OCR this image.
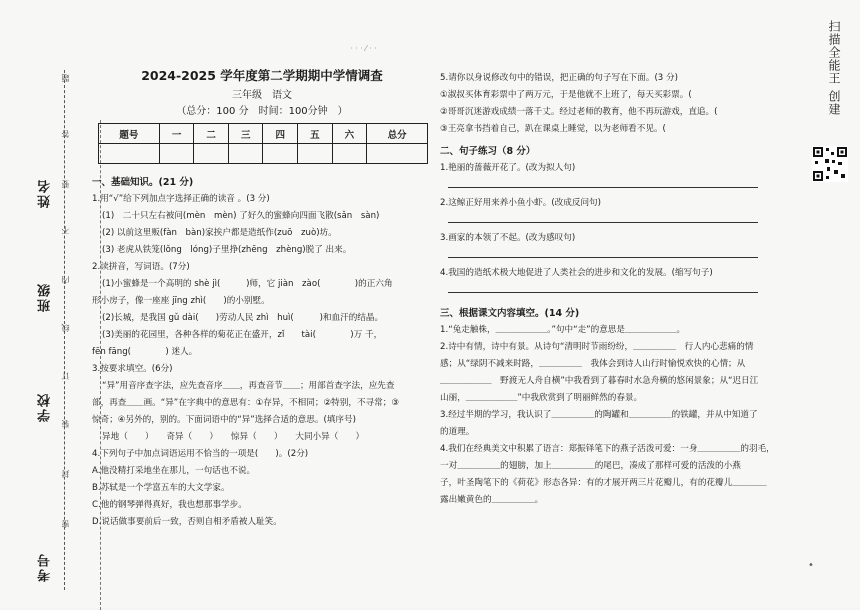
· · · ⁄ · ·
姓名
班级
学校
考号
题
答
要
不
内
线
订
装
封
密
2024-2025 学年度第二学期期中学情调查
三年级　语文
（总分：100 分　时间：100分钟　）
题号	一	二	三	四	五	六	总分

一、基础知识。(21 分)
1.用“√”给下列加点字选择正确的读音 。(3 分)
(1)　二十只左右被问(mèn　mèn) 了好久的蜜蜂向四面飞散(sǎn　sàn)
(2) 以前这里贩(fàn　bàn)家挨户都是造纸作(zuō　zuò)坊。
(3) 老虎从铁笼(lǒng　lóng)子里挣(zhēng　zhèng)脱了 出来。
2.读拼音，写词语。(7分)
(1)小蜜蜂是一个高明的 shè jì(　　　)师，它 jiàn　zào(　　　　)的正六角
形小房子，像一座座 jīng zhì(　　)的小别墅。
(2)长城，是我国 gǔ dài(　　)劳动人民 zhì　huì(　　　)和血汗的结晶。
(3)美丽的花园里，各种各样的菊花正在盛开，zǐ　　tài(　　　　)万 千，
fēn fāng(　　　　) 迷人。
3.按要求填空。(6分)
“异”用音序查字法，应先查音序＿＿，再查音节＿＿；用部首查字法，应先查
部，再查＿＿画。“异”在字典中的意思有：①存异，不相同；②特别，不寻常；③
惊奇；④另外的，别的。下面词语中的“异”选择合适的意思。(填序号)
异地（　　）　　奇异（　　）　　惊异（　　）　　大同小异（　　）
4.下列句子中加点词语运用不恰当的一项是(　　)。(2分)
A.他没精打采地坐在那儿，一句话也不说。
B.苏轼是一个学富五车的大文学家。
C.他的钢琴弹得真好，我也想那事学步。
D.说话做事要前后一致，否则自相矛盾被人耻笑。
5.请你以身说修改句中的错误，把正确的句子写在下面。(3 分)
①淑叔买体育彩票中了两万元，于是他就不上班了，每天买彩票。(
②哥哥沉迷游戏成绩一落千丈。经过老师的教育，他不再玩游戏，直追。(
③王亮拿书挡着自己，趴在课桌上睡觉，以为老师看不见。(
二、句子练习（8 分）
1.艳丽的蔷薇开花了。(改为拟人句)
2.这鲸正好用来养小鱼小虾。(改成反问句)
3.画家的本领了不起。(改为感叹句)
4.我国的造纸术极大地促进了人类社会的进步和文化的发展。(缩写句子)
三、根据课文内容填空。(14 分)
1.“兔走触株，＿＿＿＿＿＿。”句中“走”的意思是＿＿＿＿＿＿。
2.诗中有情，诗中有景。从诗句“清明时节雨纷纷，＿＿＿＿＿　行人内心悲痛的情
感；从“绿阴不减来时路，＿＿＿＿＿　我体会到诗人山行时愉悦欢快的心情；从
＿＿＿＿＿＿　野渡无人舟自横”中我看到了暮春时水急舟横的悠闲景象；从“迟日江
山丽，＿＿＿＿＿＿”中我欣赏到了明丽鲜然的春景。
3.经过半期的学习，我认识了＿＿＿＿＿的陶罐和＿＿＿＿＿的铁罐，并从中知道了
的道理。
4.我们在经典美文中积累了语言：郑振铎笔下的燕子活泼可爱：一身＿＿＿＿＿的羽毛，
一对＿＿＿＿＿的翅膀，加上＿＿＿＿＿的尾巴，凑成了那样可爱的活泼的小燕
子，叶圣陶笔下的《荷花》形态各异：有的才展开两三片花瓣儿，有的花瓣儿＿＿＿＿
露出嫩黄色的＿＿＿＿＿。
扫描全能王 创建
•
